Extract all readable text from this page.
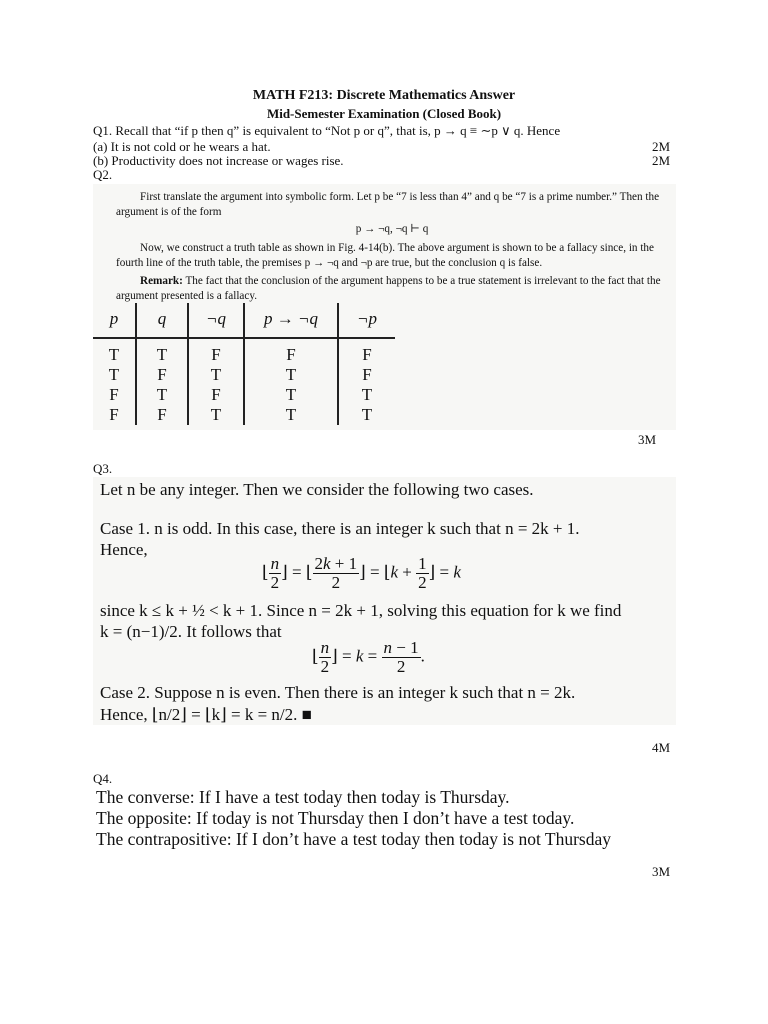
MATH F213: Discrete Mathematics Answer
Mid-Semester Examination (Closed Book)
Q1. Recall that “if p then q” is equivalent to “Not p or q”, that is, p → q ≡ ∼p ∨ q. Hence
(a) It is not cold or he wears a hat.	2M
(b) Productivity does not increase or wages rise.	2M
Q2.

First translate the argument into symbolic form. Let p be “7 is less than 4” and q be “7 is a prime number.” Then the argument is of the form

p → ¬q, ¬q ⊢ q

Now, we construct a truth table as shown in Fig. 4-14(b). The above argument is shown to be a fallacy since, in the fourth line of the truth table, the premises p → ¬q and ¬p are true, but the conclusion q is false.

Remark: The fact that the conclusion of the argument happens to be a true statement is irrelevant to the fact that the argument presented is a fallacy.

p	q	¬q	p → ¬q	¬p
T	T	F	F	F
T	F	T	T	F
F	T	F	T	T
F	F	T	T	T
3M
Q3.
Let n be any integer. Then we consider the following two cases.
Case 1. n is odd. In this case, there is an integer k such that n = 2k + 1.
Hence,
⌊ $\frac{n}{2}$ ⌋ = ⌊ $\frac{2k + 1}{2}$ ⌋ = ⌊k + $\frac{1}{2}$ ⌋ = k
since k ≤ k + ½ < k + 1. Since n = 2k + 1, solving this equation for k we find
k = (n−1)/2. It follows that
⌊ $\frac{n}{2}$ ⌋ = $k = \frac{n - 1}{2}$ .
Case 2. Suppose n is even. Then there is an integer k such that n = 2k.
Hence, ⌊n/2⌋ = ⌊k⌋ = k = n/2. ■
4M
Q4.
The converse: If I have a test today then today is Thursday.
The opposite: If today is not Thursday then I don’t have a test today.
The contrapositive: If I don’t have a test today then today is not Thursday
3M
